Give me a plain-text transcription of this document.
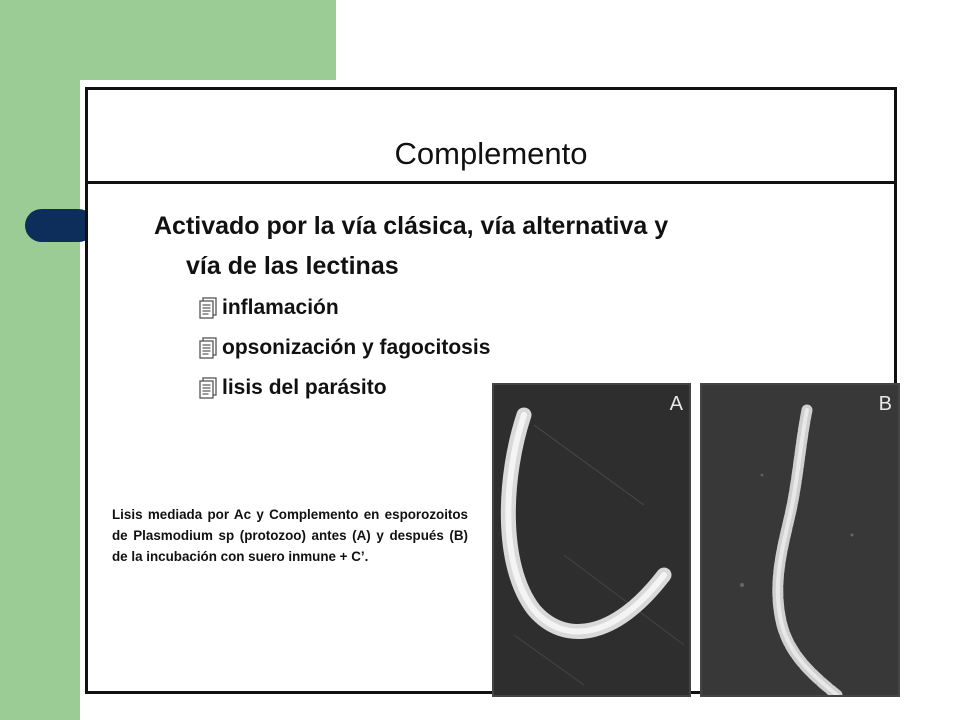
Complemento
Activado por la vía clásica, vía alternativa y
vía de las lectinas
inflamación
opsonización y fagocitosis
lisis del parásito
Lisis mediada por Ac y Complemento en esporozoitos de Plasmodium sp (protozoo) antes (A) y después (B) de la incubación con suero inmune + C’.
A	B
